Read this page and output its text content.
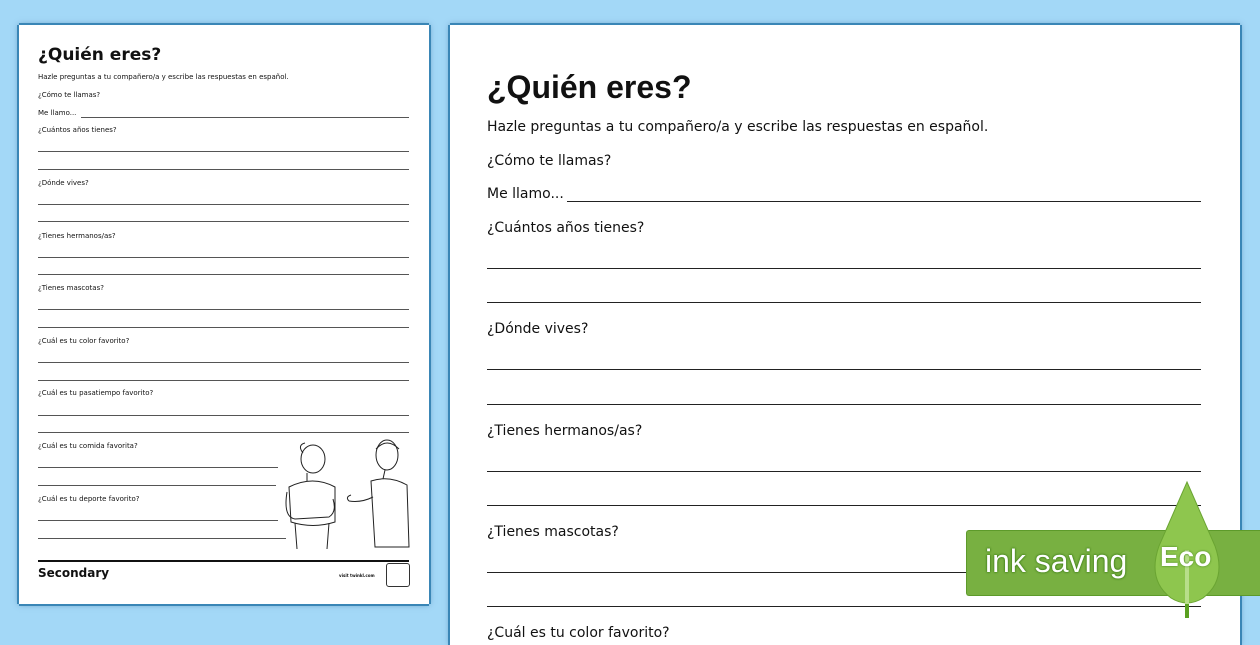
¿Quién eres?
Hazle preguntas a tu compañero/a y escribe las respuestas en español.
¿Cómo te llamas?
Me llamo...
¿Cuántos años tienes?
¿Dónde vives?
¿Tienes hermanos/as?
¿Tienes mascotas?
¿Cuál es tu color favorito?
¿Cuál es tu pasatiempo favorito?
¿Cuál es tu comida favorita?
¿Cuál es tu deporte favorito?
Secondary	visit twinkl.com
¿Quién eres?
Hazle preguntas a tu compañero/a y escribe las respuestas en español.
¿Cómo te llamas?
Me llamo...
¿Cuántos años tienes?
¿Dónde vives?
¿Tienes hermanos/as?
¿Tienes mascotas?
¿Cuál es tu color favorito?
ink saving Eco
